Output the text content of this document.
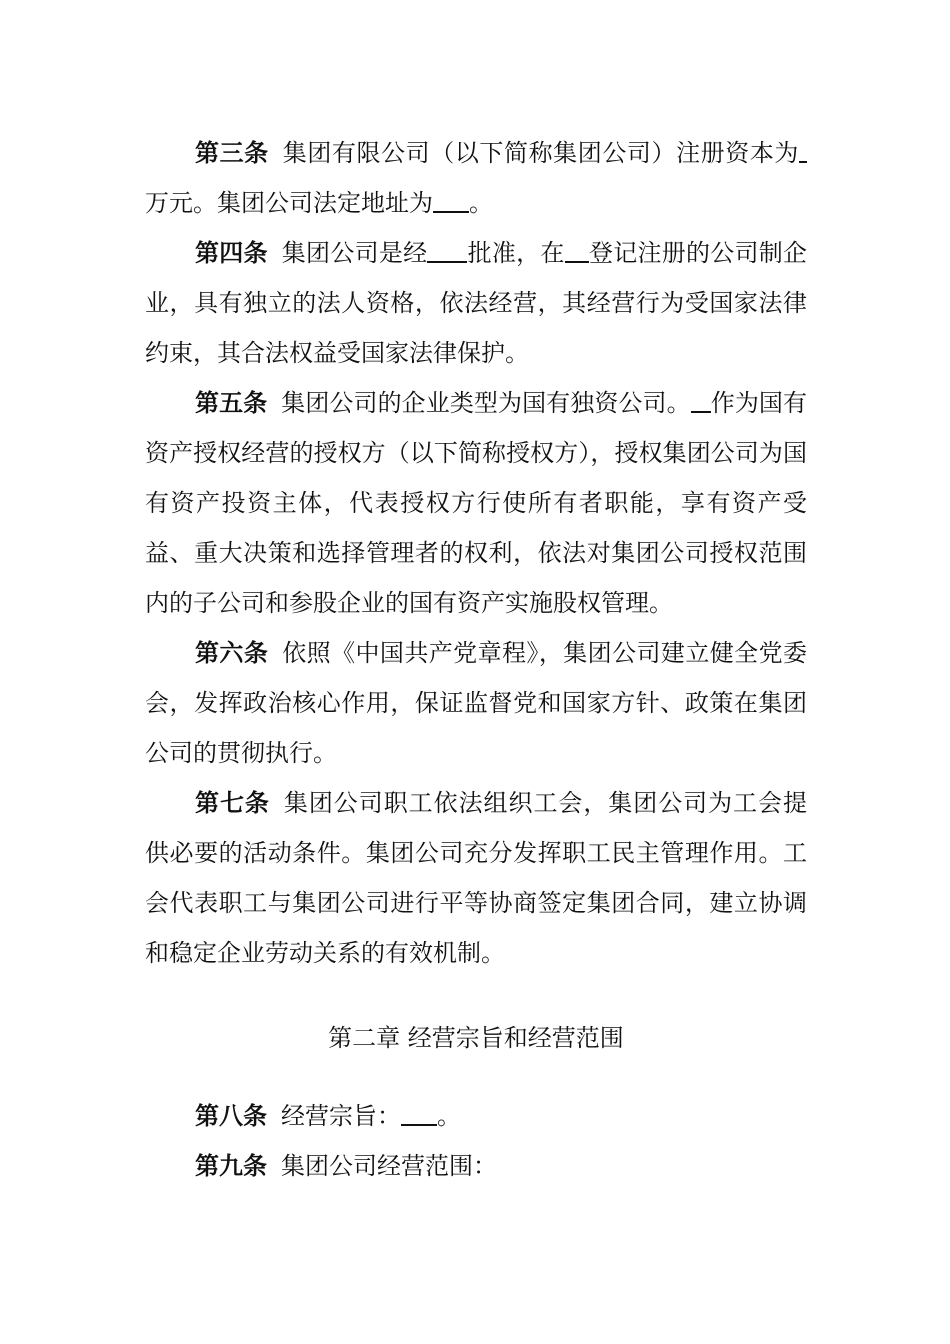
第三条 集团有限公司（以下简称集团公司）注册资本为万元。集团公司法定地址为 。

第四条 集团公司是经 批准，在 登记注册的公司制企业，具有独立的法人资格，依法经营，其经营行为受国家法律约束，其合法权益受国家法律保护。

第五条 集团公司的企业类型为国有独资公司。 作为国有资产授权经营的授权方（以下简称授权方），授权集团公司为国有资产投资主体，代表授权方行使所有者职能，享有资产受益、重大决策和选择管理者的权利，依法对集团公司授权范围内的子公司和参股企业的国有资产实施股权管理。

第六条 依照《中国共产党章程》，集团公司建立健全党委会，发挥政治核心作用，保证监督党和国家方针、政策在集团公司的贯彻执行。

第七条 集团公司职工依法组织工会，集团公司为工会提供必要的活动条件。集团公司充分发挥职工民主管理作用。工会代表职工与集团公司进行平等协商签定集团合同，建立协调和稳定企业劳动关系的有效机制。

第二章 经营宗旨和经营范围

第八条 经营宗旨： 。

第九条 集团公司经营范围：
